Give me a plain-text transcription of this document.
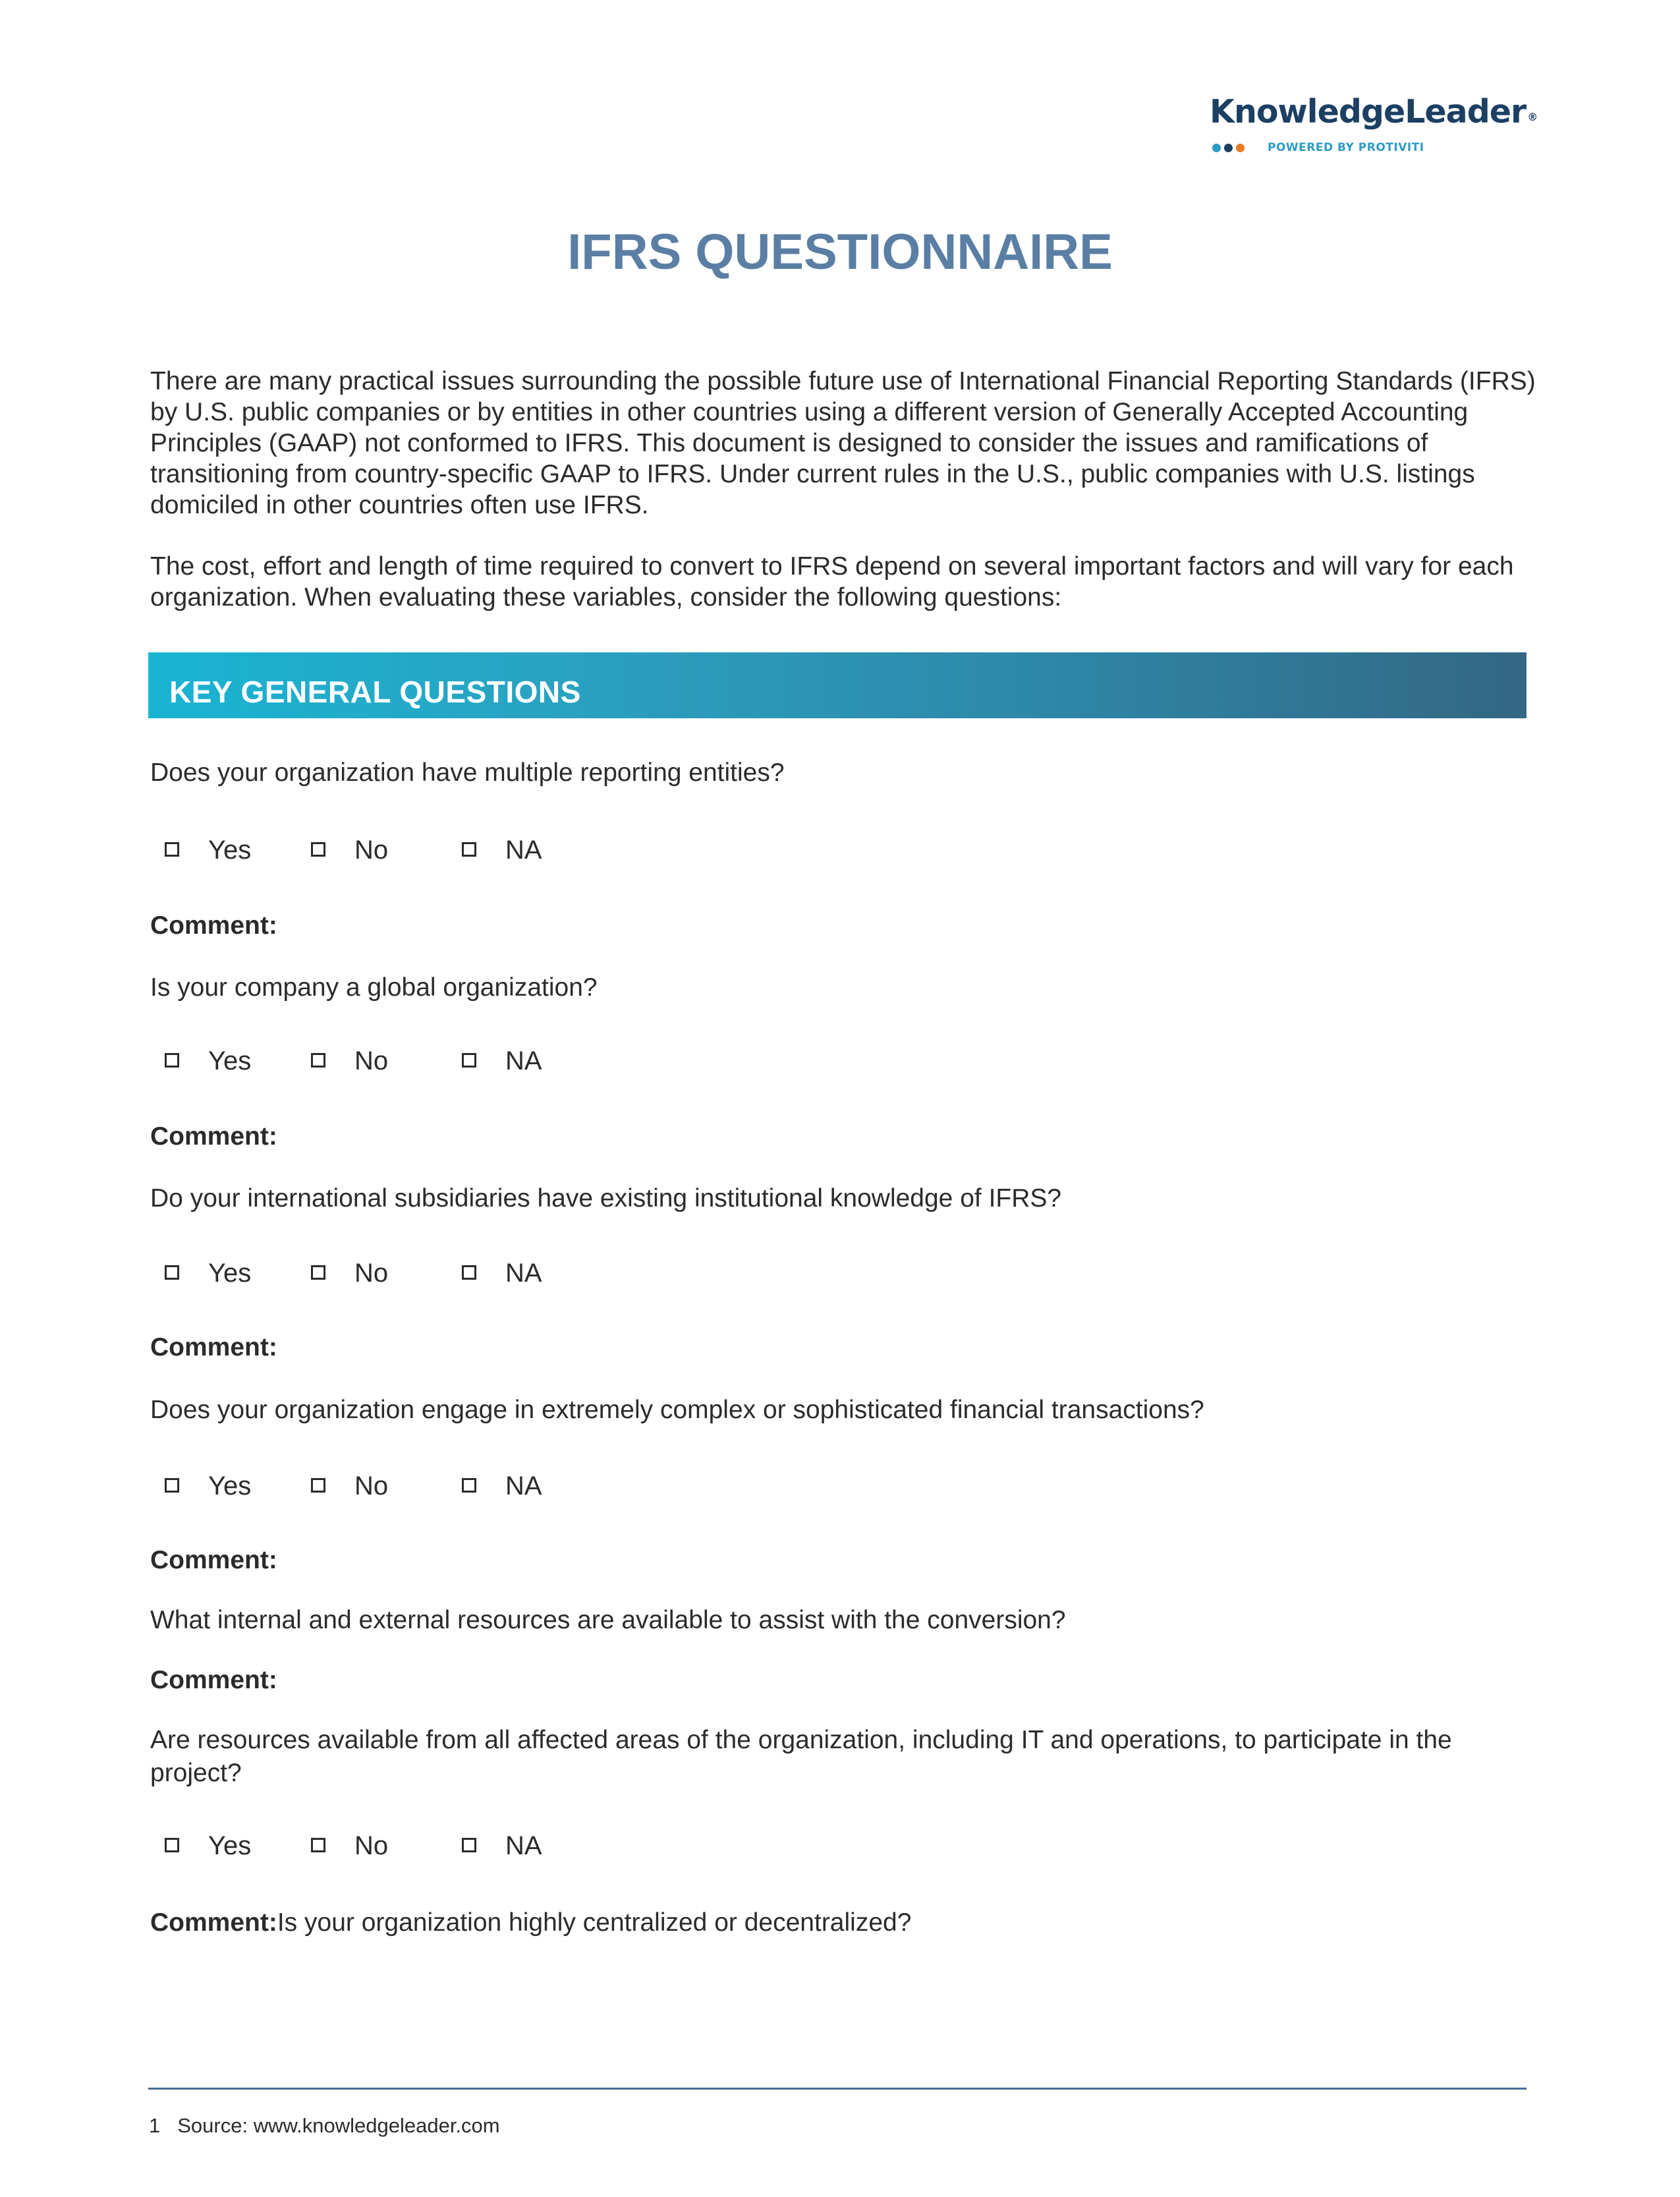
KnowledgeLeader ®
POWERED BY PROTIVITI
IFRS QUESTIONNAIRE

There are many practical issues surrounding the possible future use of International Financial Reporting Standards (IFRS) by U.S. public companies or by entities in other countries using a different version of Generally Accepted Accounting Principles (GAAP) not conformed to IFRS. This document is designed to consider the issues and ramifications of transitioning from country-specific GAAP to IFRS. Under current rules in the U.S., public companies with U.S. listings domiciled in other countries often use IFRS.

The cost, effort and length of time required to convert to IFRS depend on several important factors and will vary for each organization. When evaluating these variables, consider the following questions:

KEY GENERAL QUESTIONS

Does your organization have multiple reporting entities?

Yes	No	NA

Comment:

Is your company a global organization?

Yes	No	NA

Comment:

Do your international subsidiaries have existing institutional knowledge of IFRS?

Yes	No	NA

Comment:

Does your organization engage in extremely complex or sophisticated financial transactions?

Yes	No	NA

Comment:

What internal and external resources are available to assist with the conversion?

Comment:

Are resources available from all affected areas of the organization, including IT and operations, to participate in the project?

Yes	No	NA

Comment:Is your organization highly centralized or decentralized?

1 Source: www.knowledgeleader.com
